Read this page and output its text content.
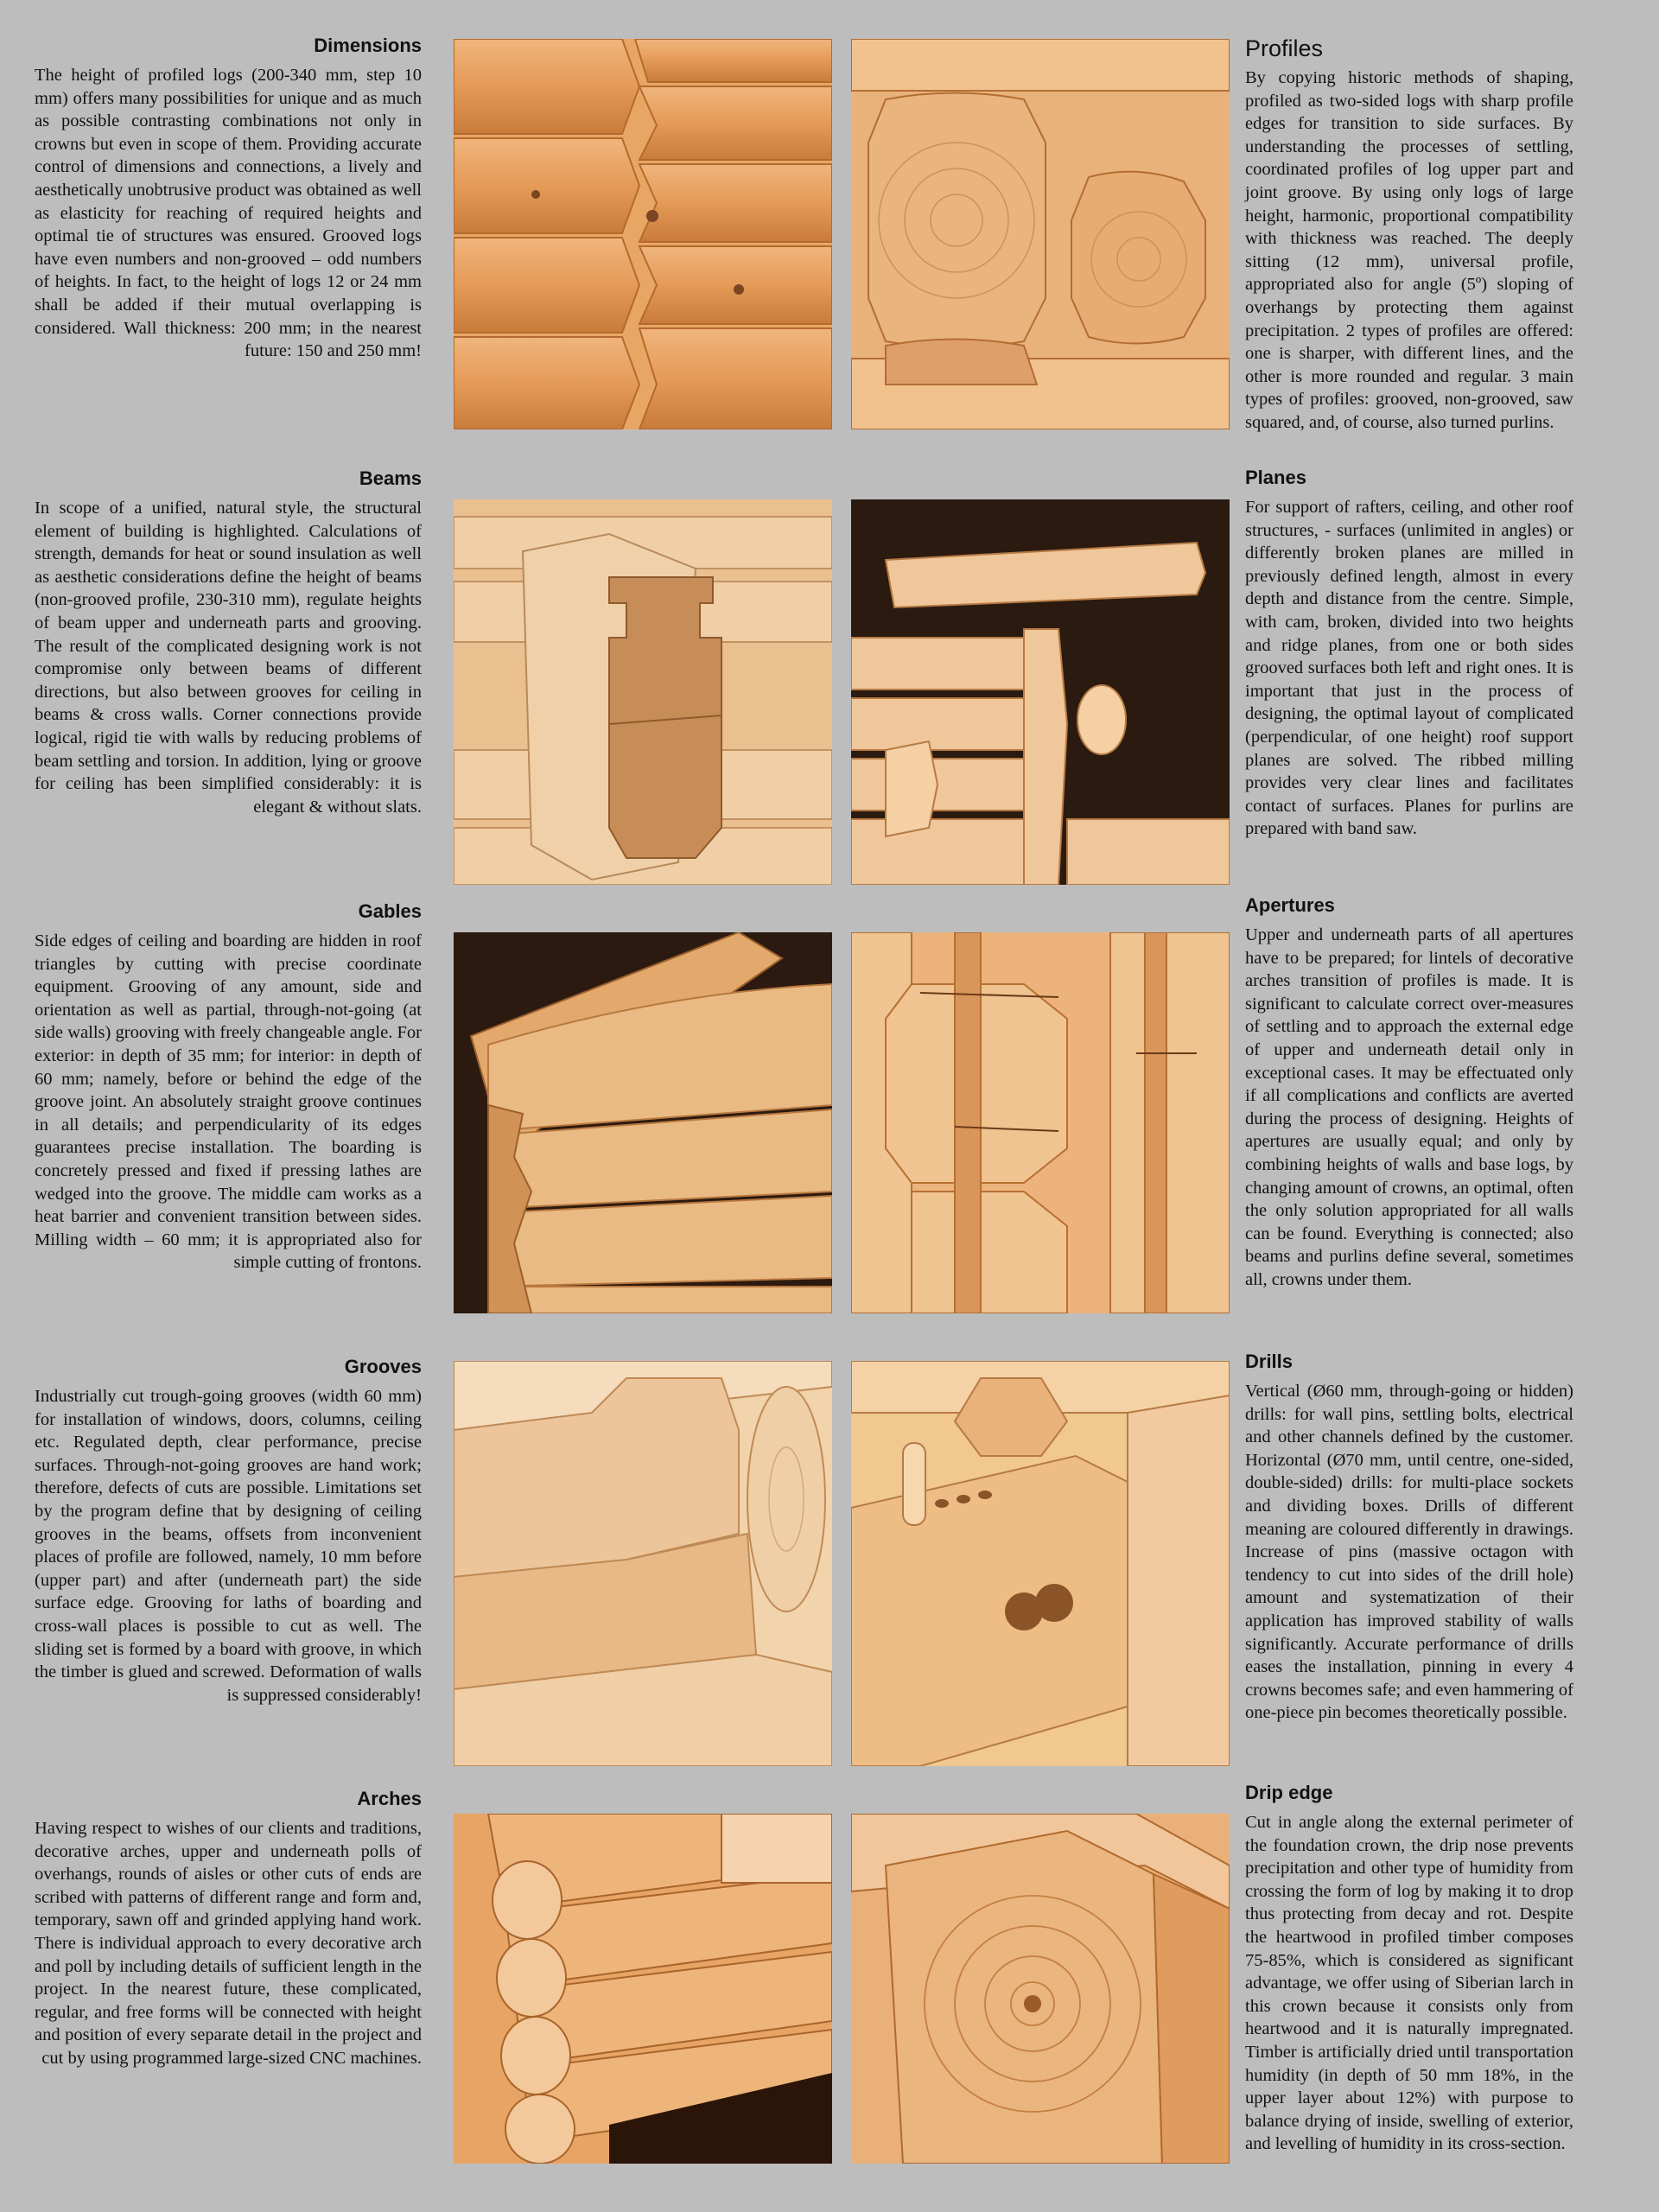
Dimensions

The height of profiled logs (200-340 mm, step 10 mm) offers many possibilities for unique and as much as possible contrasting combinations not only in crowns but even in scope of them. Providing accurate control of dimensions and connections, a lively and aesthetically unobtrusive product was obtained as well as elasticity for reaching of required heights and optimal tie of structures was ensured. Grooved logs have even numbers and non-grooved – odd numbers of heights. In fact, to the height of logs 12 or 24 mm shall be added if their mutual overlapping is considered. Wall thickness: 200 mm; in the nearest future: 150 and 250 mm!

Beams

In scope of a unified, natural style, the structural element of building is highlighted. Calculations of strength, demands for heat or sound insulation as well as aesthetic considerations define the height of beams (non-grooved profile, 230-310 mm), regulate heights of beam upper and underneath parts and grooving. The result of the complicated designing work is not compromise only between beams of different directions, but also between grooves for ceiling in beams & cross walls. Corner connections provide logical, rigid tie with walls by reducing problems of beam settling and torsion. In addition, lying or groove for ceiling has been simplified considerably: it is elegant & without slats.

Gables

Side edges of ceiling and boarding are hidden in roof triangles by cutting with precise coordinate equipment. Grooving of any amount, side and orientation as well as partial, through-not-going (at side walls) grooving with freely changeable angle. For exterior: in depth of 35 mm; for interior: in depth of 60 mm; namely, before or behind the edge of the groove joint. An absolutely straight groove continues in all details; and perpendicularity of its edges guarantees precise installation. The boarding is concretely pressed and fixed if pressing lathes are wedged into the groove. The middle cam works as a heat barrier and convenient transition between sides. Milling width – 60 mm; it is appropriated also for simple cutting of frontons.

Grooves

Industrially cut trough-going grooves (width 60 mm) for installation of windows, doors, columns, ceiling etc. Regulated depth, clear performance, precise surfaces. Through-not-going grooves are hand work; therefore, defects of cuts are possible. Limitations set by the program define that by designing of ceiling grooves in the beams, offsets from inconvenient places of profile are followed, namely, 10 mm before (upper part) and after (underneath part) the side surface edge. Grooving for laths of boarding and cross-wall places is possible to cut as well. The sliding set is formed by a board with groove, in which the timber is glued and screwed. Deformation of walls is suppressed considerably!

Arches

Having respect to wishes of our clients and traditions, decorative arches, upper and underneath polls of overhangs, rounds of aisles or other cuts of ends are scribed with patterns of different range and form and, temporary, sawn off and grinded applying hand work. There is individual approach to every decorative arch and poll by including details of sufficient length in the project. In the nearest future, these complicated, regular, and free forms will be connected with height and position of every separate detail in the project and cut by using programmed large-sized CNC machines.

Profiles

By copying historic methods of shaping, profiled as two-sided logs with sharp profile edges for transition to side surfaces. By understanding the processes of settling, coordinated profiles of log upper part and joint groove. By using only logs of large height, harmonic, proportional compatibility with thickness was reached. The deeply sitting (12 mm), universal profile, appropriated also for angle (5º) sloping of overhangs by protecting them against precipitation. 2 types of profiles are offered: one is sharper, with different lines, and the other is more rounded and regular. 3 main types of profiles: grooved, non-grooved, saw squared, and, of course, also turned purlins.

Planes

For support of rafters, ceiling, and other roof structures, - surfaces (unlimited in angles) or differently broken planes are milled in previously defined length, almost in every depth and distance from the centre. Simple, with cam, broken, divided into two heights and ridge planes, from one or both sides grooved surfaces both left and right ones. It is important that just in the process of designing, the optimal layout of complicated (perpendicular, of one height) roof support planes are solved. The ribbed milling provides very clear lines and facilitates contact of surfaces. Planes for purlins are prepared with band saw.

Apertures

Upper and underneath parts of all apertures have to be prepared; for lintels of decorative arches transition of profiles is made. It is significant to calculate correct over-measures of settling and to approach the external edge of upper and underneath detail only in exceptional cases. It may be effectuated only if all complications and conflicts are averted during the process of designing. Heights of apertures are usually equal; and only by combining heights of walls and base logs, by changing amount of crowns, an optimal, often the only solution appropriated for all walls can be found. Everything is connected; also beams and purlins define several, sometimes all, crowns under them.

Drills

Vertical (Ø60 mm, through-going or hidden) drills: for wall pins, settling bolts, electrical and other channels defined by the customer. Horizontal (Ø70 mm, until centre, one-sided, double-sided) drills: for multi-place sockets and dividing boxes. Drills of different meaning are coloured differently in drawings. Increase of pins (massive octagon with tendency to cut into sides of the drill hole) amount and systematization of their application has improved stability of walls significantly. Accurate performance of drills eases the installation, pinning in every 4 crowns becomes safe; and even hammering of one-piece pin becomes theoretically possible.

Drip edge

Cut in angle along the external perimeter of the foundation crown, the drip nose prevents precipitation and other type of humidity from crossing the form of log by making it to drop thus protecting from decay and rot. Despite the heartwood in profiled timber composes 75-85%, which is considered as significant advantage, we offer using of Siberian larch in this crown because it consists only from heartwood and it is naturally impregnated. Timber is artificially dried until transportation humidity (in depth of 50 mm 18%, in the upper layer about 12%) with purpose to balance drying of inside, swelling of exterior, and levelling of humidity in its cross-section.
